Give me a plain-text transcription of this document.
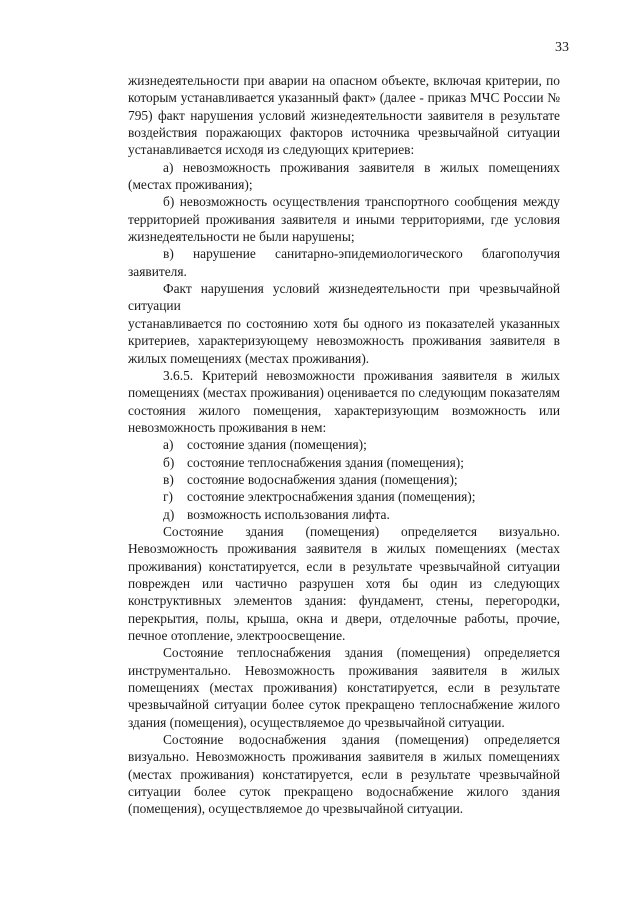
33

жизнедеятельности при аварии на опасном объекте, включая критерии, по которым устанавливается указанный факт» (далее - приказ МЧС России № 795) факт нарушения условий жизнедеятельности заявителя в результате воздействия поражающих факторов источника чрезвычайной ситуации устанавливается исходя из следующих критериев:

а) невозможность проживания заявителя в жилых помещениях (местах проживания);

б) невозможность осуществления транспортного сообщения между территорией проживания заявителя и иными территориями, где условия жизнедеятельности не были нарушены;

в) нарушение санитарно-эпидемиологического благополучия заявителя.

Факт нарушения условий жизнедеятельности при чрезвычайной ситуации

устанавливается по состоянию хотя бы одного из показателей указанных критериев, характеризующему невозможность проживания заявителя в жилых помещениях (местах проживания).

3.6.5. Критерий невозможности проживания заявителя в жилых помещениях (местах проживания) оценивается по следующим показателям состояния жилого помещения, характеризующим возможность или невозможность проживания в нем:

а) состояние здания (помещения);

б) состояние теплоснабжения здания (помещения);

в) состояние водоснабжения здания (помещения);

г) состояние электроснабжения здания (помещения);

д) возможность использования лифта.

Состояние здания (помещения) определяется визуально. Невозможность проживания заявителя в жилых помещениях (местах проживания) констатируется, если в результате чрезвычайной ситуации поврежден или частично разрушен хотя бы один из следующих конструктивных элементов здания: фундамент, стены, перегородки, перекрытия, полы, крыша, окна и двери, отделочные работы, прочие, печное отопление, электроосвещение.

Состояние теплоснабжения здания (помещения) определяется инструментально. Невозможность проживания заявителя в жилых помещениях (местах проживания) констатируется, если в результате чрезвычайной ситуации более суток прекращено теплоснабжение жилого здания (помещения), осуществляемое до чрезвычайной ситуации.

Состояние водоснабжения здания (помещения) определяется визуально. Невозможность проживания заявителя в жилых помещениях (местах проживания) констатируется, если в результате чрезвычайной ситуации более суток прекращено водоснабжение жилого здания (помещения), осуществляемое до чрезвычайной ситуации.
